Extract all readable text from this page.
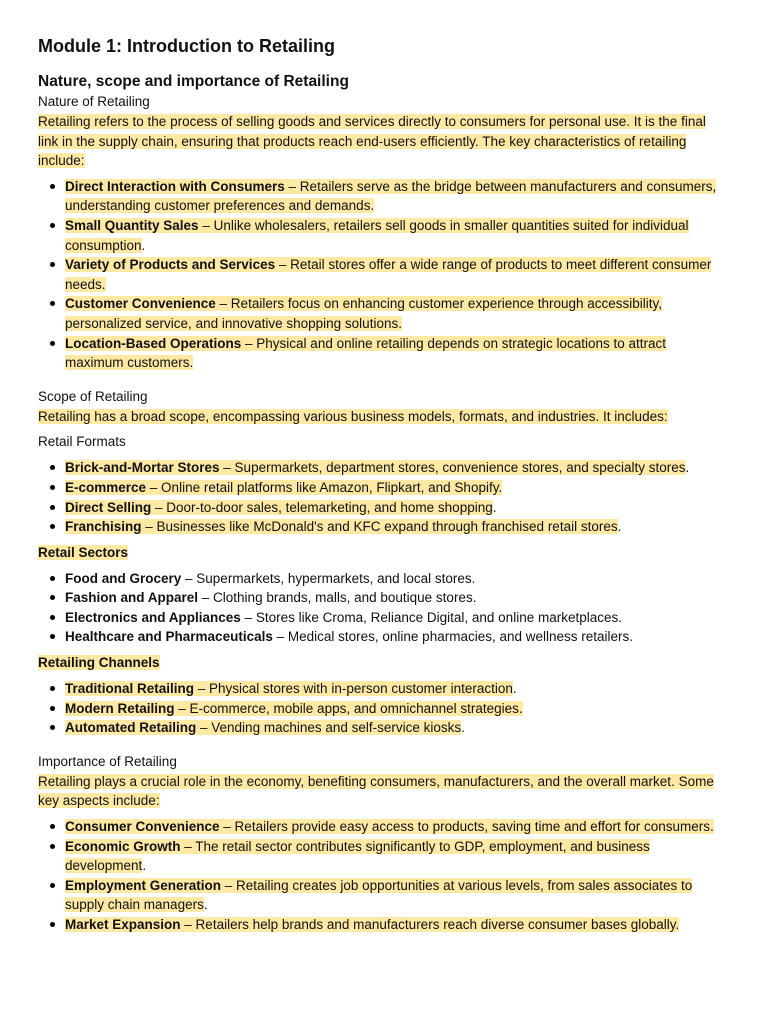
Module 1: Introduction to Retailing
Nature, scope and importance of Retailing
Nature of Retailing

Retailing refers to the process of selling goods and services directly to consumers for personal use. It is the final link in the supply chain, ensuring that products reach end-users efficiently. The key characteristics of retailing include:

Direct Interaction with Consumers – Retailers serve as the bridge between manufacturers and consumers, understanding customer preferences and demands.
Small Quantity Sales – Unlike wholesalers, retailers sell goods in smaller quantities suited for individual consumption.
Variety of Products and Services – Retail stores offer a wide range of products to meet different consumer needs.
Customer Convenience – Retailers focus on enhancing customer experience through accessibility, personalized service, and innovative shopping solutions.
Location-Based Operations – Physical and online retailing depends on strategic locations to attract maximum customers.
Scope of Retailing

Retailing has a broad scope, encompassing various business models, formats, and industries. It includes:

Retail Formats
Brick-and-Mortar Stores – Supermarkets, department stores, convenience stores, and specialty stores.
E-commerce – Online retail platforms like Amazon, Flipkart, and Shopify.
Direct Selling – Door-to-door sales, telemarketing, and home shopping.
Franchising – Businesses like McDonald's and KFC expand through franchised retail stores.
Retail Sectors
Food and Grocery – Supermarkets, hypermarkets, and local stores.
Fashion and Apparel – Clothing brands, malls, and boutique stores.
Electronics and Appliances – Stores like Croma, Reliance Digital, and online marketplaces.
Healthcare and Pharmaceuticals – Medical stores, online pharmacies, and wellness retailers.
Retailing Channels
Traditional Retailing – Physical stores with in-person customer interaction.
Modern Retailing – E-commerce, mobile apps, and omnichannel strategies.
Automated Retailing – Vending machines and self-service kiosks.
Importance of Retailing

Retailing plays a crucial role in the economy, benefiting consumers, manufacturers, and the overall market. Some key aspects include:

Consumer Convenience – Retailers provide easy access to products, saving time and effort for consumers.
Economic Growth – The retail sector contributes significantly to GDP, employment, and business development.
Employment Generation – Retailing creates job opportunities at various levels, from sales associates to supply chain managers.
Market Expansion – Retailers help brands and manufacturers reach diverse consumer bases globally.
